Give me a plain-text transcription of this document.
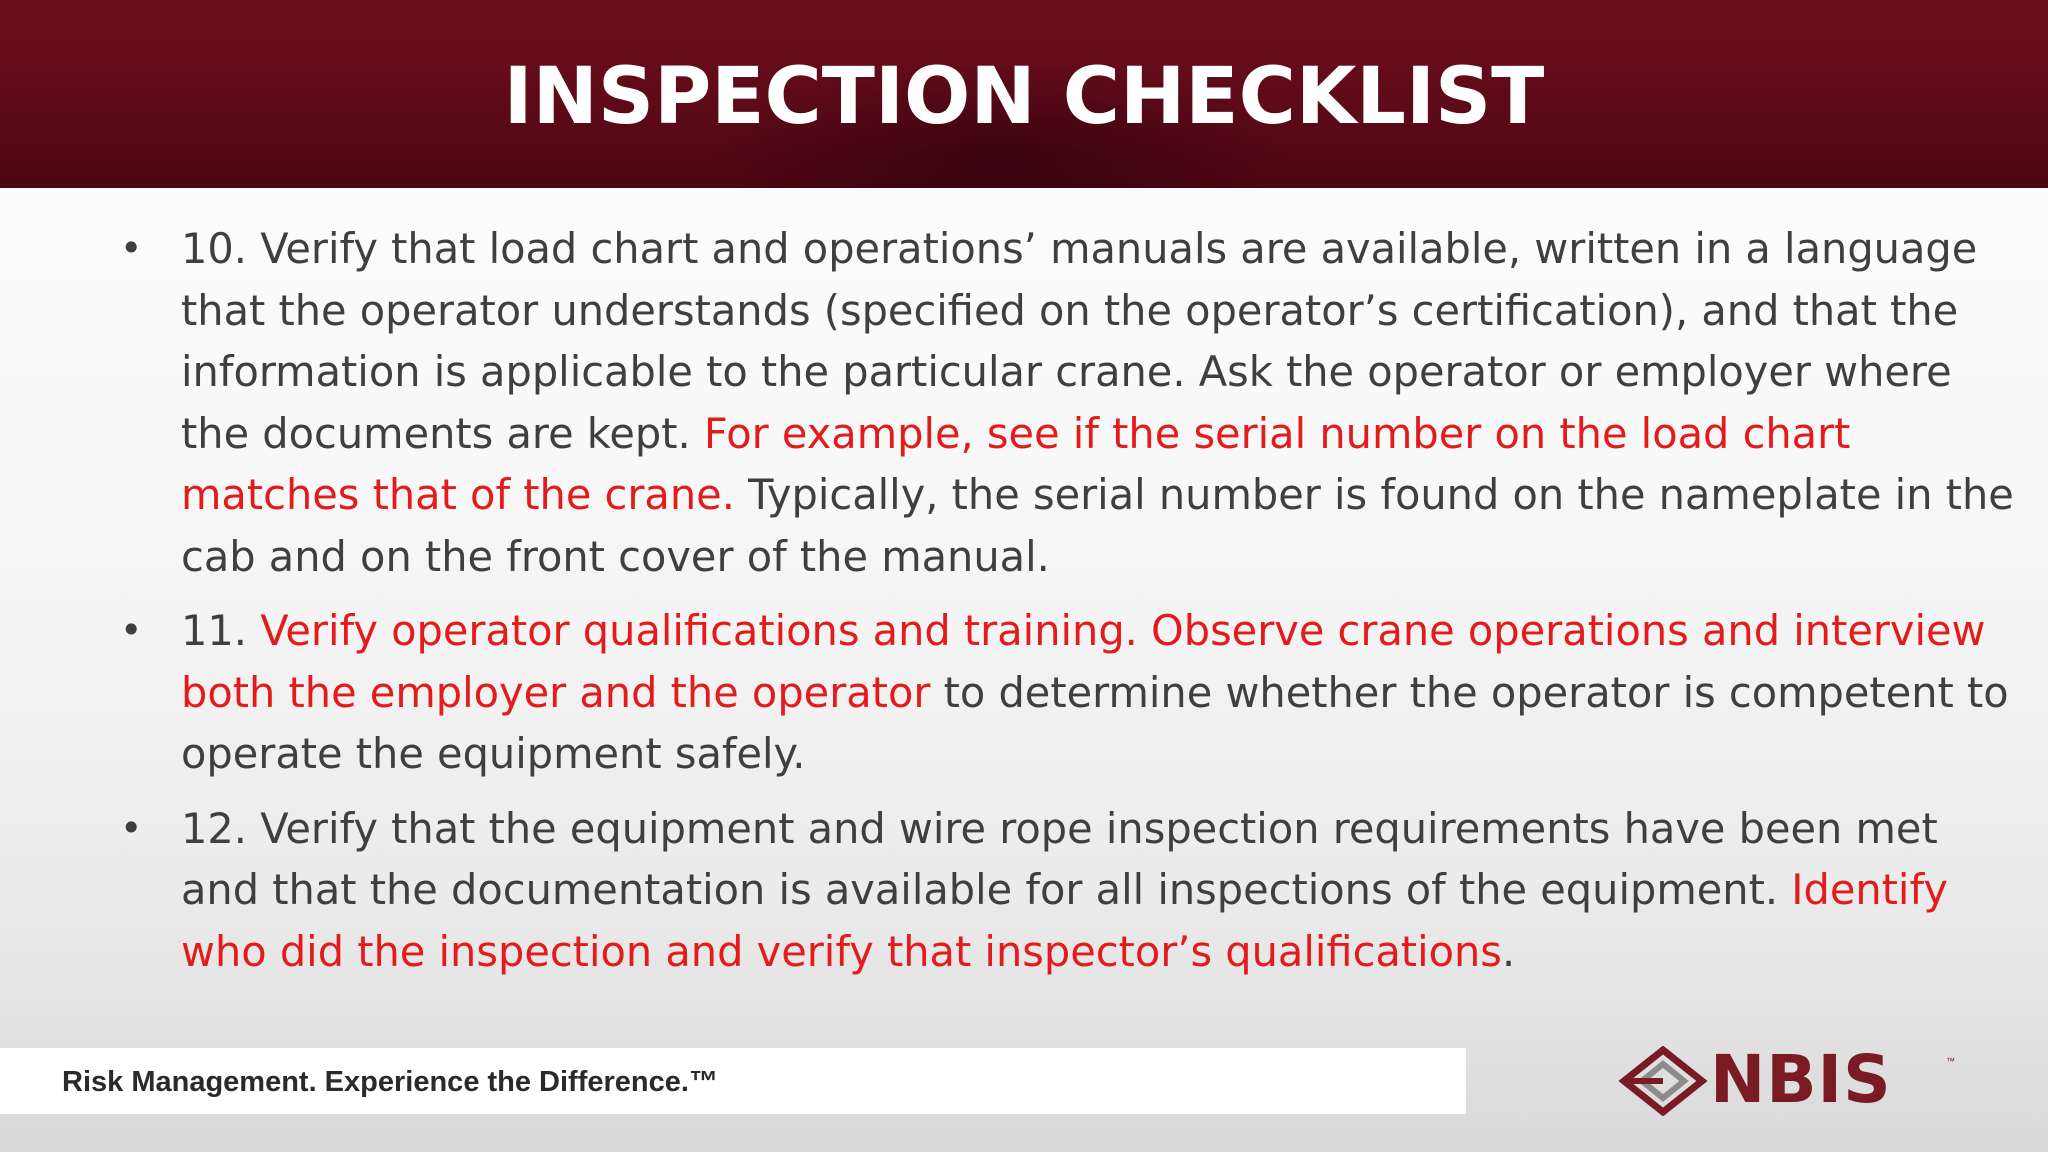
INSPECTION CHECKLIST
• 10. Verify that load chart and operations’ manuals are available, written in a language that the operator understands (specified on the operator’s certification), and that the information is applicable to the particular crane. Ask the operator or employer where the documents are kept. For example, see if the serial number on the load chart matches that of the crane. Typically, the serial number is found on the nameplate in the cab and on the front cover of the manual.
• 11. Verify operator qualifications and training. Observe crane operations and interview both the employer and the operator to determine whether the operator is competent to operate the equipment safely.
• 12. Verify that the equipment and wire rope inspection requirements have been met and that the documentation is available for all inspections of the equipment. Identify who did the inspection and verify that inspector’s qualifications.
Risk Management. Experience the Difference.™	NBIS	™
